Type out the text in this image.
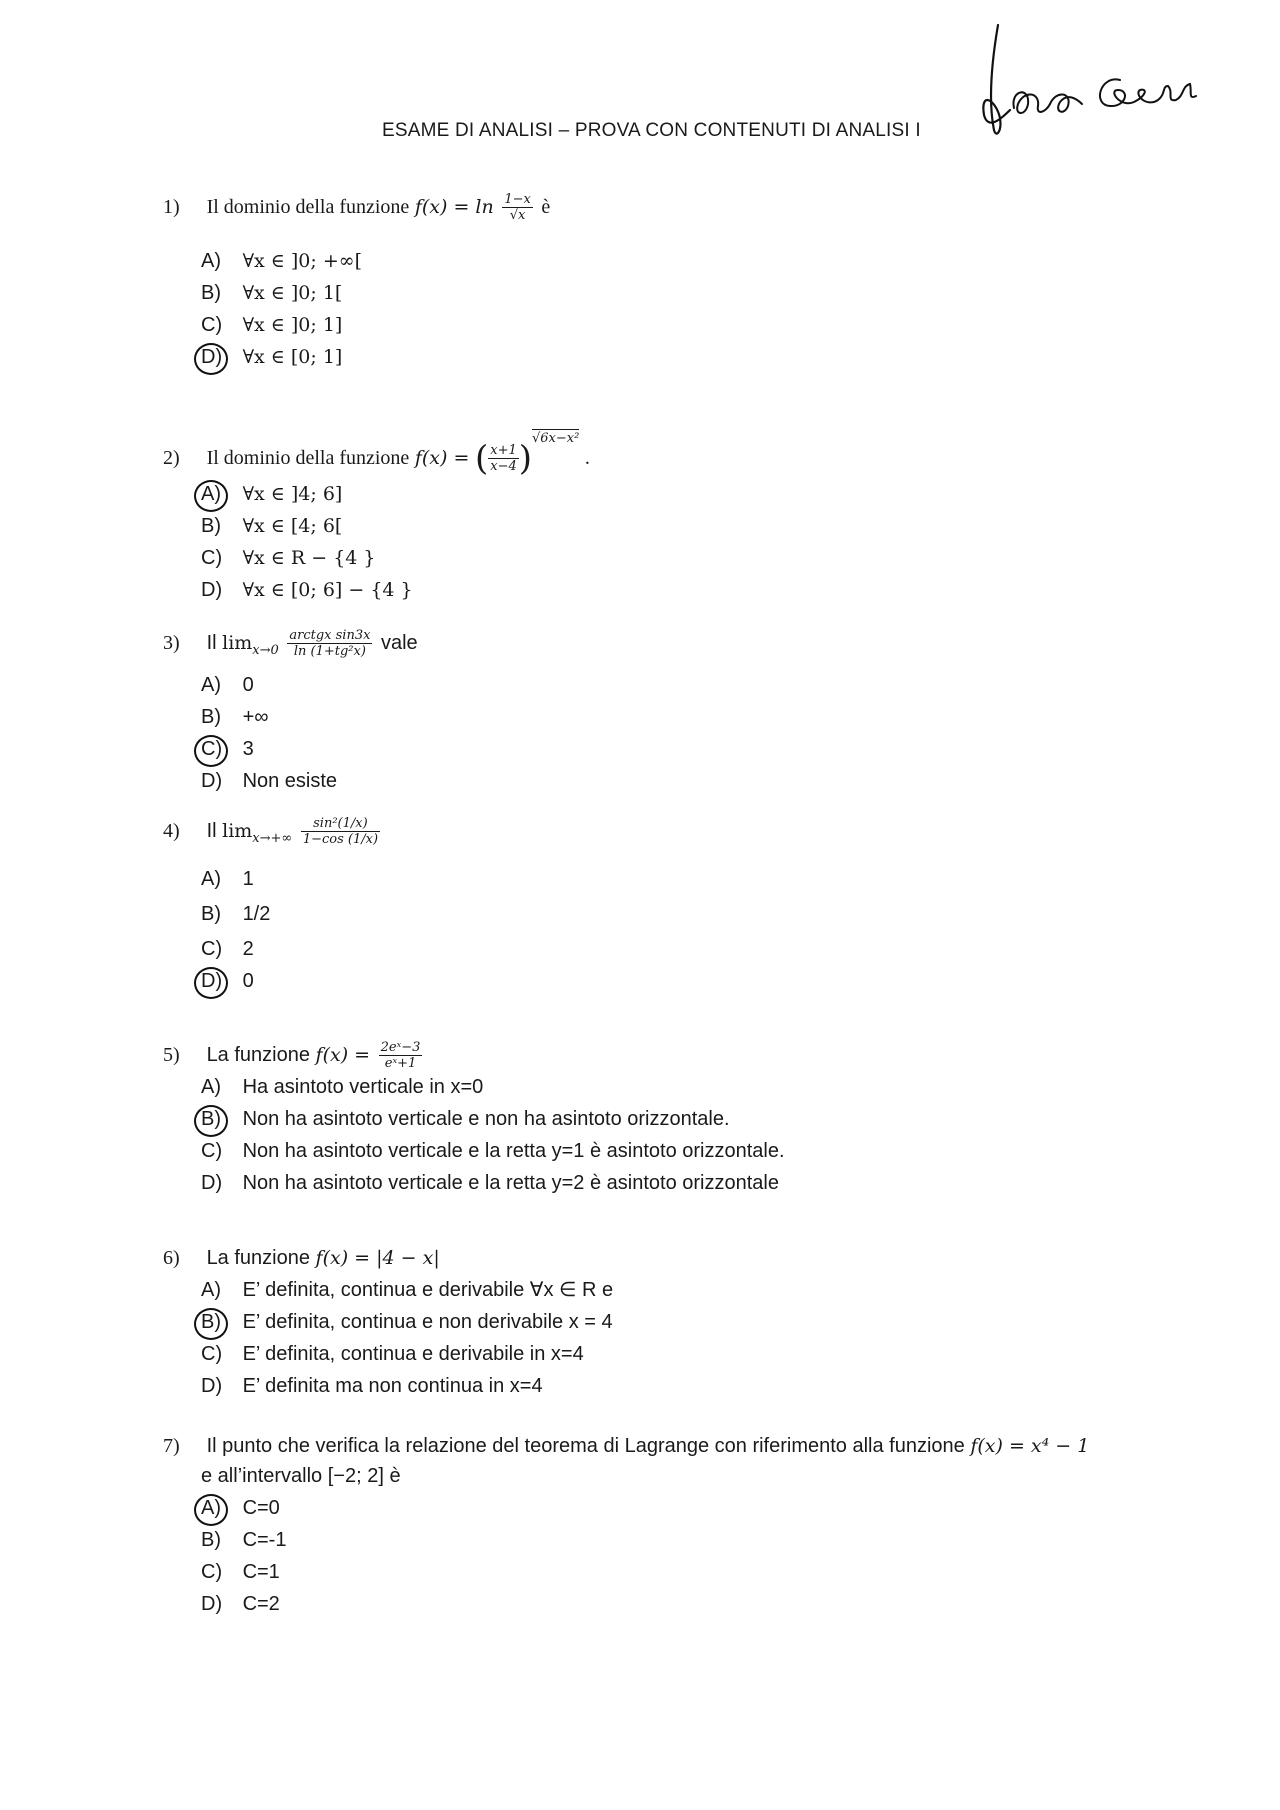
ESAME DI ANALISI – PROVA CON CONTENUTI DI ANALISI I
1) Il dominio della funzione $f(x) = \ln \frac{1-x}{√x}$ è
A) ∀x ∈ ]0; +∞[
B) ∀x ∈ ]0; 1[
C) ∀x ∈ ]0; 1]
D) ∀x ∈ [0; 1]
2) Il dominio della funzione f(x) = ( $\frac{x+1}{x-4} )^{√6x-x^2}$ .
A) ∀x ∈ ]4; 6]
B) ∀x ∈ [4; 6[
C) ∀x ∈ R − {4 }
D) ∀x ∈ [0; 6] − {4 }
3) Il $\lim_{x\to 0} \frac{\text{arctgx sin3x}}{\text{ln (1+tg²x)}}$ vale
A) 0
B) +∞
C) 3
D) Non esiste
4) Il $\lim_{x\to+\infty} \frac{\text{sin²(1/x)}}{1-\cos (1/x)}$
A) 1
B) 1/2
C) 2
D) 0
5) La funzione $f(x) = \frac{\text{2eˣ−3}}{\text{eˣ+1}}$
A) Ha asintoto verticale in x=0
B) Non ha asintoto verticale e non ha asintoto orizzontale.
C) Non ha asintoto verticale e la retta y=1 è asintoto orizzontale.
D) Non ha asintoto verticale e la retta y=2 è asintoto orizzontale
6) La funzione f(x) = |4 − x|
A) E’ definita, continua e derivabile ∀x ∈ R e
B) E’ definita, continua e non derivabile x = 4
C) E’ definita, continua e derivabile in x=4
D) E’ definita ma non continua in x=4
7) Il punto che verifica la relazione del teorema di Lagrange con riferimento alla funzione f(x) = x⁴ − 1
e all’intervallo [−2; 2] è
A) C=0
B) C=-1
C) C=1
D) C=2
